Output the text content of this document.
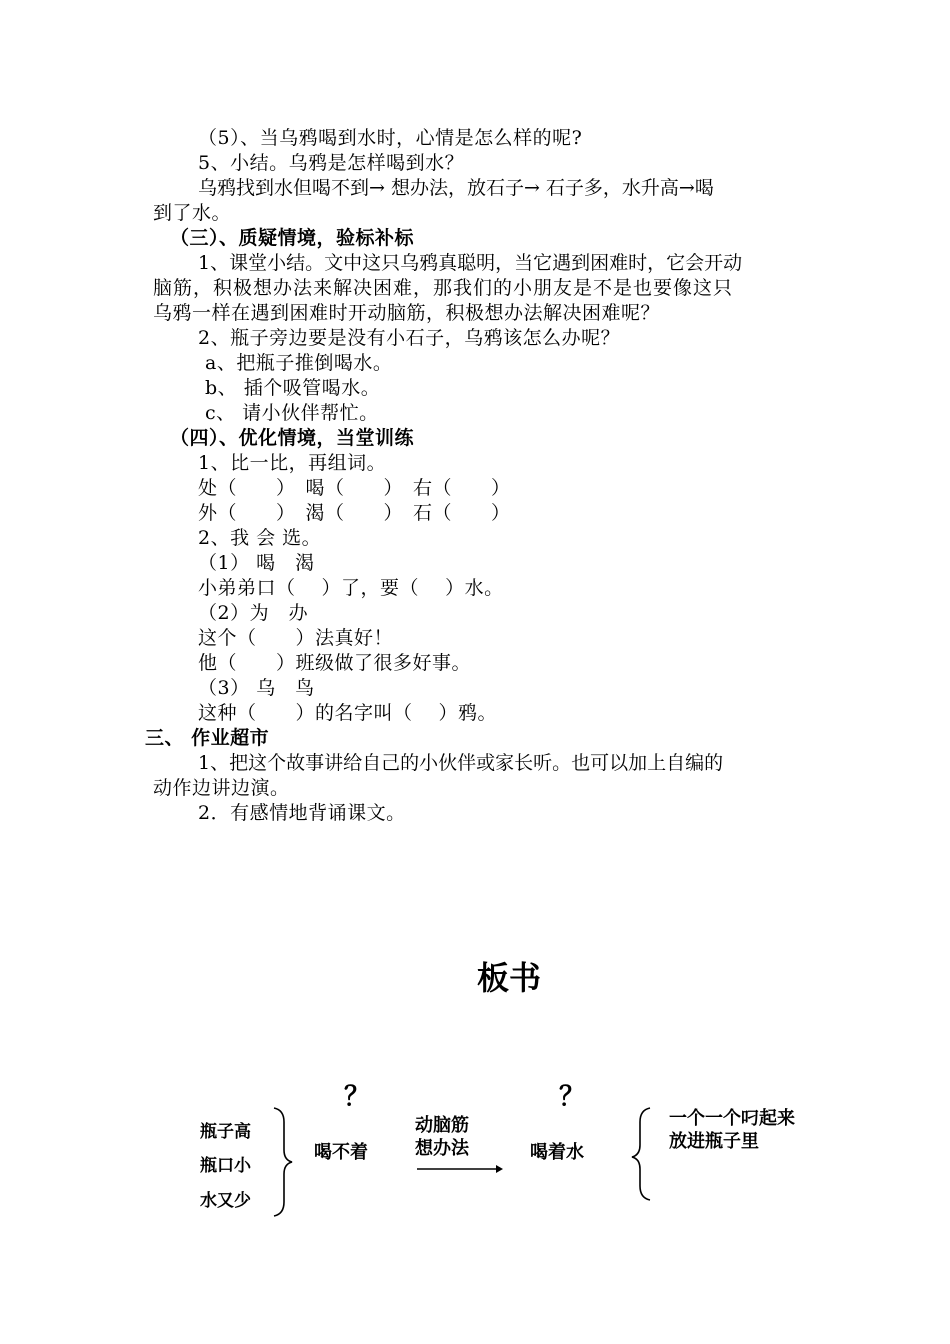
（5）、当乌鸦喝到水时，心情是怎么样的呢?
5、小结。乌鸦是怎样喝到水？
乌鸦找到水但喝不到→ 想办法，放石子→ 石子多，水升高→喝
到了水。
（三）、质疑情境，验标补标
1、课堂小结。文中这只乌鸦真聪明，当它遇到困难时，它会开动
脑筋，积极想办法来解决困难，那我们的小朋友是不是也要像这只
乌鸦一样在遇到困难时开动脑筋，积极想办法解决困难呢？
2、瓶子旁边要是没有小石子，乌鸦该怎么办呢？
a、把瓶子推倒喝水。
b、 插个吸管喝水。
c、 请小伙伴帮忙。
（四）、优化情境，当堂训练
1、比一比，再组词。
处（　　）　喝（　　）　右（　　）
外（　　）　渴（　　）　石（　　）
2、我 会 选。
（1） 喝　渴
小弟弟口（　 ）了，要（　 ）水。
（2）为　办
这个（　　）法真好！
他（　　）班级做了很多好事。
（3） 乌　鸟
这种（　　）的名字叫（　 ）鸦。
三、 作业超市
1、把这个故事讲给自己的小伙伴或家长听。也可以加上自编的
动作边讲边演。
2．有感情地背诵课文。
板书
瓶子高
瓶口小
水又少
？	？
喝不着
动脑筋
想办法	喝着水
一个一个叼起来
放进瓶子里
